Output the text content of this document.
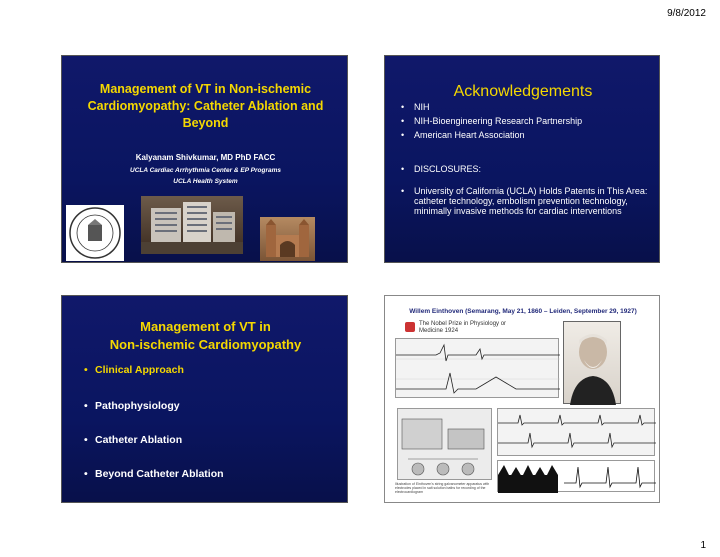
9/8/2012
Management of VT in Non-ischemic
Cardiomyopathy: Catheter Ablation and
Beyond
Kalyanam Shivkumar, MD PhD FACC
UCLA Cardiac Arrhythmia Center & EP Programs
UCLA Health System
Acknowledgements
• NIH
• NIH-Bioengineering Research Partnership
• American Heart Association
• DISCLOSURES:
• University of California (UCLA) Holds Patents in This Area: catheter technology, embolism prevention technology, minimally invasive methods for cardiac interventions
Management of VT in
Non-ischemic Cardiomyopathy
• Clinical Approach
• Pathophysiology
• Catheter Ablation
• Beyond Catheter Ablation
Willem Einthoven (Semarang, May 21, 1860 – Leiden, September 29, 1927)
The Nobel Prize in Physiology or Medicine 1924
Illustration of Einthoven's string galvanometer apparatus with electrodes placed in salt solution baths for recording of the electrocardiogram
1
